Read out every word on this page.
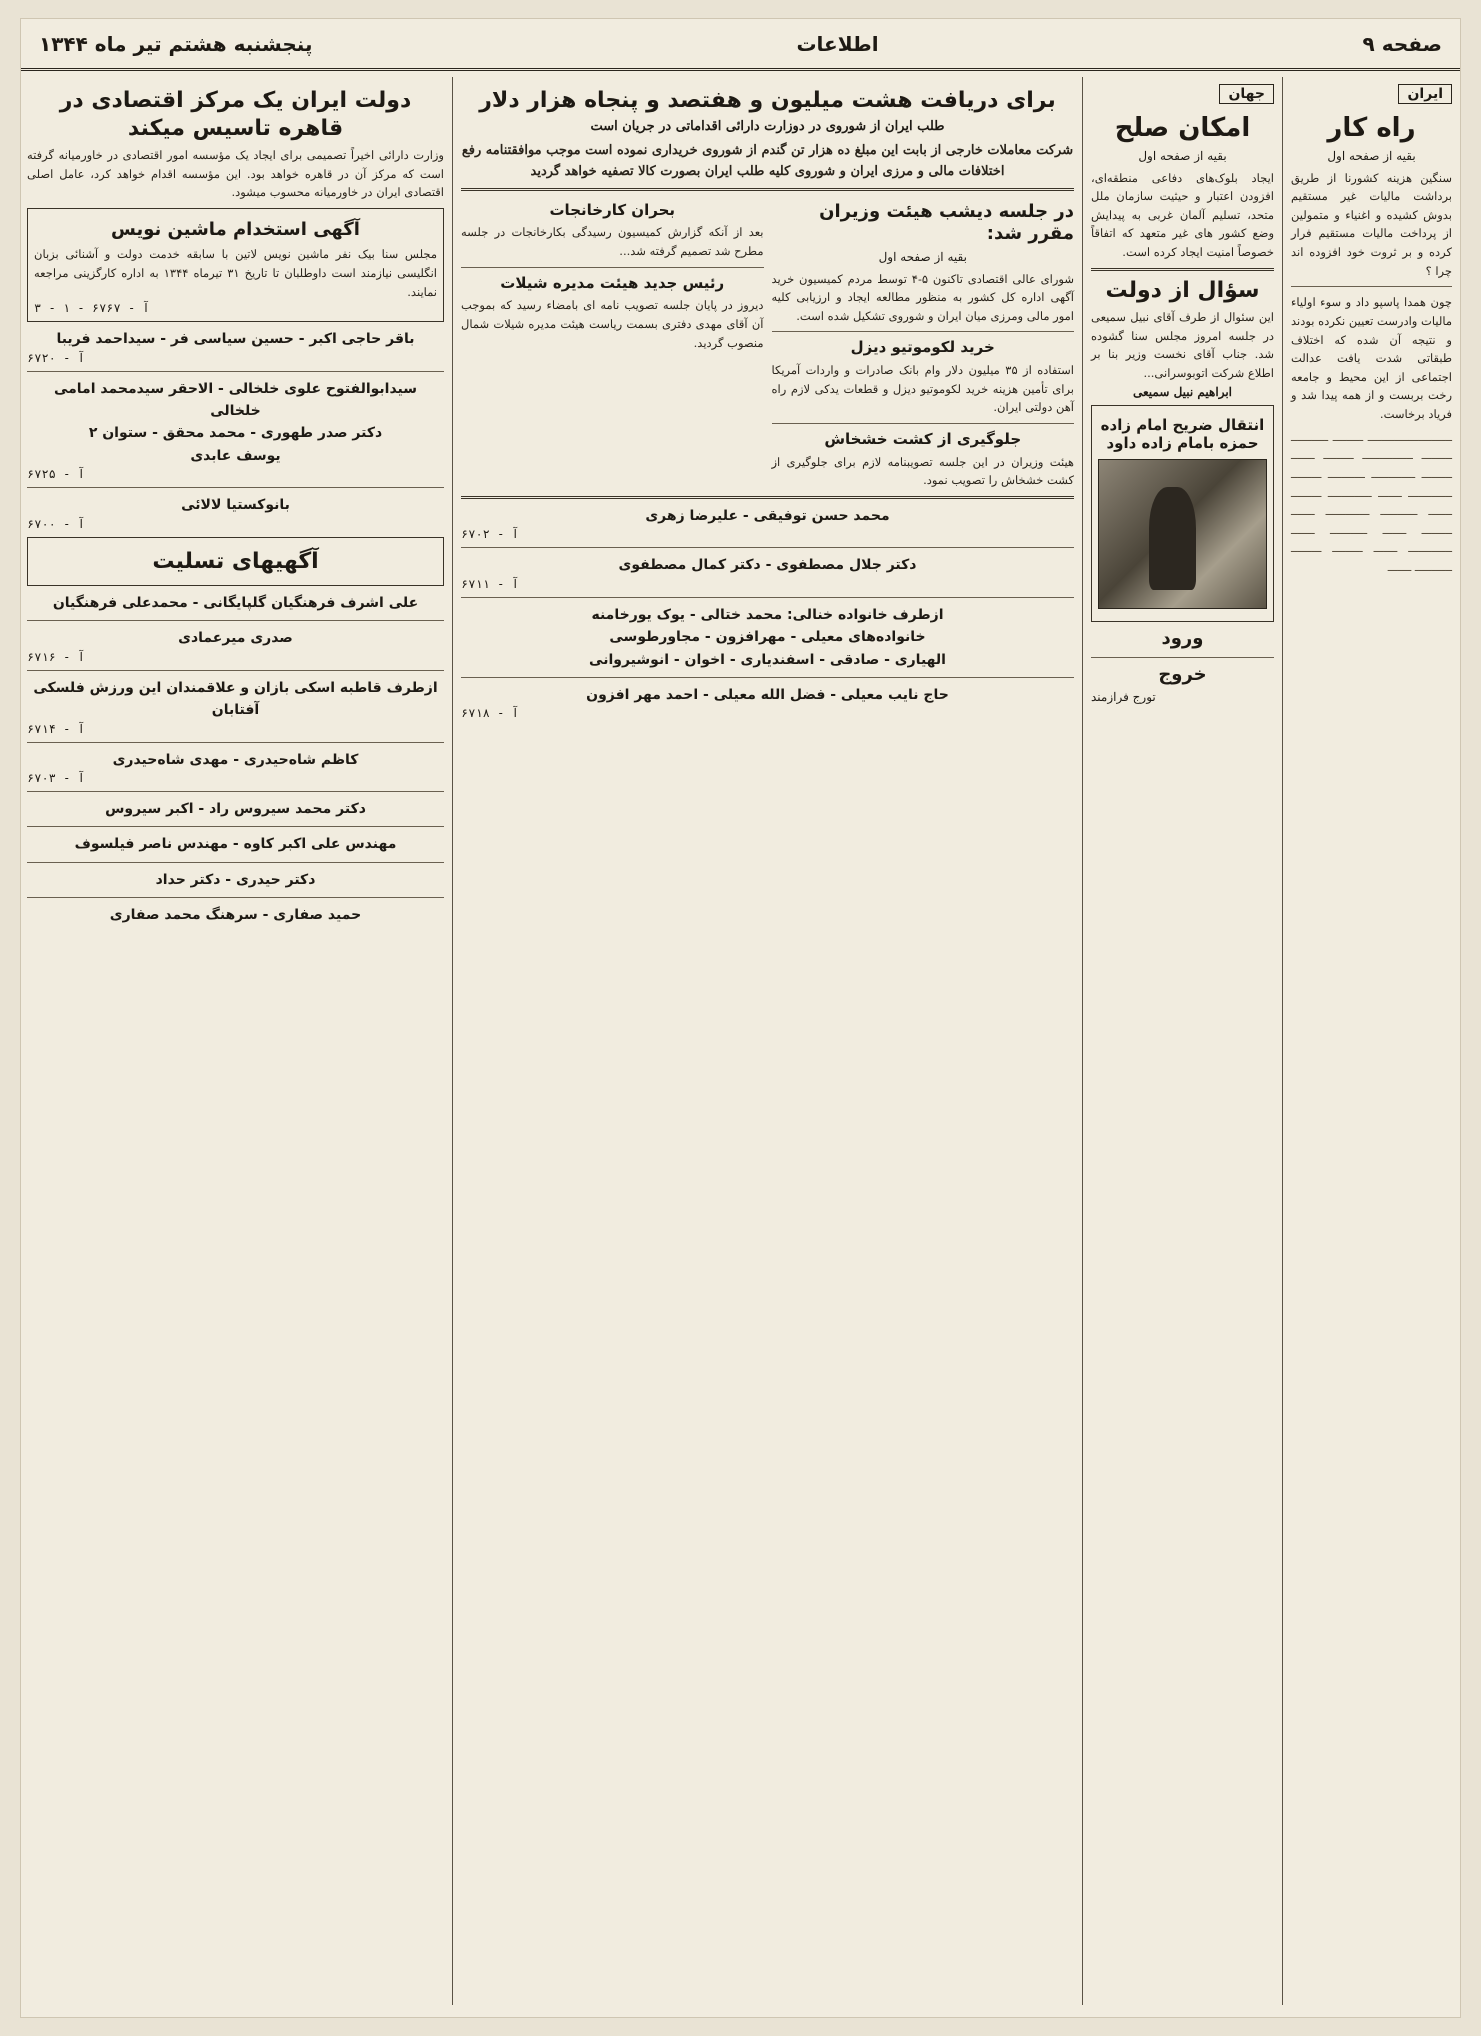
صفحه ۹
اطلاعات
پنجشنبه هشتم تیر ماه ۱۳۴۴
ایران
راه کار
بقیه از صفحه اول

سنگین هزینه کشورنا از طریق برداشت مالیات غیر مستقیم بدوش کشیده و اغنیاء و متمولین از پرداخت مالیات مستقیم فرار کرده و بر ثروت خود افزوده اند چرا ؟

چون همدا پاسپو داد و سوء اولیاء مالیات وادرست تعیین نکرده بودند و نتیجه آن شده که اختلاف طبقاتی شدت یافت عدالت اجتماعی از این محیط و جامعه رخت بربست و از همه پیدا شد و فریاد برخاست.

ـــــــــــــــــــــــــ ـــــــــ ـــــــــــ ـــــــــ ـــــــــــــــ ـــــــــ ـــــــ ـــــــــ ـــــــــــــ ـــــــــــ ـــــــــ ـــــــــــــ ـــــــ ـــــــــــــ ـــــــــ ـــــــ ـــــــــــ ـــــــــــــ ـــــــ ـــــــــ ـــــــ ـــــــــــ ـــــــ ـــــــــــــ ـــــــ ـــــــــ ـــــــــ ـــــــــــ ـــــــ

جهان
امکان صلح
بقیه از صفحه اول

ایجاد بلوک‌های دفاعی منطقه‌ای، افزودن اعتبار و حیثیت سازمان ملل متحد، تسلیم آلمان غربی به پیدایش وضع کشور های غیر متعهد که اتفاقاً خصوصاً امنیت ایجاد کرده است.

سؤال از دولت

این سئوال از طرف آقای نبیل سمیعی در جلسه امروز مجلس سنا گشوده شد. جناب آقای نخست وزیر بنا بر اطلاع شرکت اتوبوسرانی...

ابراهیم نبیل سمیعی
انتقال ضریح امام زاده حمزه بامام زاده داود
ورود
خروج
تورج فرازمند
برای دریافت هشت میلیون و هفتصد و پنجاه هزار دلار
طلب ایران از شوروی در دوزارت دارائی اقداماتی در جریان است

شرکت معاملات خارجی از بابت این مبلغ ده هزار تن گندم از شوروی خریداری نموده است موجب موافقتنامه رفع اختلافات مالی و مرزی ایران و شوروی کلیه طلب ایران بصورت کالا تصفیه خواهد گردید

در جلسه دیشب هیئت وزیران مقرر شد:
بقیه از صفحه اول

شورای عالی اقتصادی تاکنون ۵-۴ توسط مردم کمیسیون خرید آگهی اداره کل کشور به منظور مطالعه ایجاد و ارزیابی کلیه امور مالی ومرزی میان ایران و شوروی تشکیل شده است.

خرید لکوموتیو دیزل

استفاده از ۳۵ میلیون دلار وام بانک صادرات و واردات آمریکا برای تأمین هزینه خرید لکوموتیو دیزل و قطعات یدکی لازم راه آهن دولتی ایران.

جلوگیری از کشت خشخاش

هیئت وزیران در این جلسه تصویبنامه لازم برای جلوگیری از کشت خشخاش را تصویب نمود.

بحران کارخانجات

بعد از آنکه گزارش کمیسیون رسیدگی بکارخانجات در جلسه مطرح شد تصمیم گرفته شد...

رئیس جدید هیئت مدیره شیلات

دیروز در پایان جلسه تصویب نامه ای بامضاء رسید که بموجب آن آقای مهدی دفتری بسمت ریاست هیئت مدیره شیلات شمال منصوب گردید.

محمد حسن توفیقی - علیرضا زهری
آ - ۶۷۰۲
دکتر جلال مصطفوی - دکتر کمال مصطفوی
آ - ۶۷۱۱
ازطرف خانواده خنالی: محمد ختالی - یوک یورخامنه
خانواده‌های معیلی - مهرافزون - مجاورطوسی
الهیاری - صادقی - اسفندیاری - اخوان - انوشیروانی
حاج نایب معیلی - فضل الله معیلی - احمد مهر افزون
آ - ۶۷۱۸
دولت ایران یک مرکز اقتصادی در قاهره تاسیس میکند

وزارت دارائی اخیراً تصمیمی برای ایجاد یک مؤسسه امور اقتصادی در خاورمیانه گرفته است که مرکز آن در قاهره خواهد بود. این مؤسسه اقدام خواهد کرد، عامل اصلی اقتصادی ایران در خاورمیانه محسوب میشود.

آگهی استخدام ماشین نویس

مجلس سنا بیک نفر ماشین نویس لاتین با سابقه خدمت دولت و آشنائی بزبان انگلیسی نیازمند است داوطلبان تا تاریخ ۳۱ تیرماه ۱۳۴۴ به اداره کارگزینی مراجعه نمایند.

آ - ۶۷۶۷ - ۱ - ۳
باقر حاجی اکبر - حسین سیاسی فر - سیداحمد فریبا
آ - ۶۷۲۰
سیدابوالفتوح علوی خلخالی - الاحقر سیدمحمد امامی خلخالی
دکتر صدر طهوری - محمد محقق - ستوان ۲
یوسف عابدی
آ - ۶۷۲۵
بانوکستیا لالائی
آ - ۶۷۰۰
آگهیهای تسلیت
علی اشرف فرهنگیان گلپایگانی - محمدعلی فرهنگیان
صدری میرعمادی
آ - ۶۷۱۶
ازطرف قاطبه اسکی بازان و علاقمندان این ورزش فلسکی آفتابان
آ - ۶۷۱۴
کاظم شاه‌حیدری - مهدی شاه‌حیدری
آ - ۶۷۰۳
دکتر محمد سیروس راد - اکبر سیروس
مهندس علی اکبر کاوه - مهندس ناصر فیلسوف
دکتر حیدری - دکتر حداد
حمید صفاری - سرهنگ محمد صفاری
